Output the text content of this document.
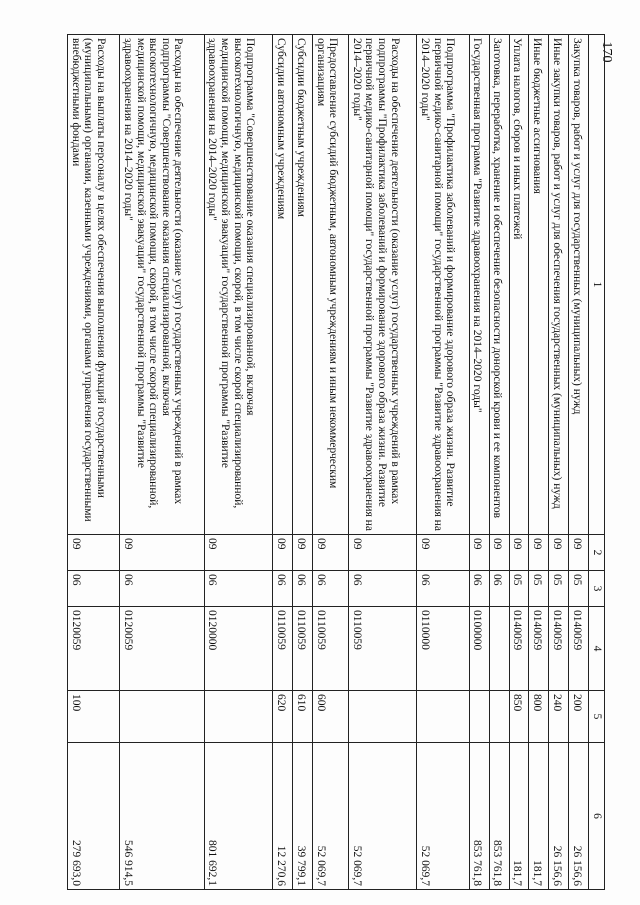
170
1	2	3	4	5	6
Закупка товаров, работ и услуг для государственных (муниципальных) нужд	09	05	0140059	200	26 156,6
Иные закупки товаров, работ и услуг для обеспечения государственных (муниципальных) нужд	09	05	0140059	240	26 156,6
Иные бюджетные ассигнования	09	05	0140059	800	181,7
Уплата налогов, сборов и иных платежей	09	05	0140059	850	181,7
Заготовка, переработка, хранение и обеспечение безопасности донорской крови и ее компонентов	09	06			853 761,8
Государственная программа "Развитие здравоохранения на 2014–2020 годы"	09	06	0100000		853 761,8
Подпрограмма "Профилактика заболеваний и формирование здорового образа жизни. Развитие первичной медико-санитарной помощи" государственной программы "Развитие здравоохранения на 2014–2020 годы"	09	06	0110000		52 069,7
Расходы на обеспечение деятельности (оказание услуг) государственных учреждений в рамках подпрограммы "Профилактика заболеваний и формирование здорового образа жизни. Развитие первичной медико-санитарной помощи" государственной программы "Развитие здравоохранения на 2014–2020 годы"	09	06	0110059		52 069,7
Предоставление субсидий бюджетным, автономным учреждениям и иным некоммерческим организациям	09	06	0110059	600	52 069,7
Субсидии бюджетным учреждениям	09	06	0110059	610	39 799,1
Субсидии автономным учреждениям	09	06	0110059	620	12 270,6
Подпрограмма "Совершенствование оказания специализированной, включая высокотехнологичную, медицинской помощи, скорой, в том числе скорой специализированной, медицинской помощи, медицинской эвакуации" государственной программы "Развитие здравоохранения на 2014–2020 годы"	09	06	0120000		801 692,1
Расходы на обеспечение деятельности (оказание услуг) государственных учреждений в рамках подпрограммы "Совершенствование оказания специализированной, включая высокотехнологичную, медицинской помощи, скорой, в том числе скорой специализированной, медицинской помощи, медицинской эвакуации" государственной программы "Развитие здравоохранения на 2014–2020 годы"	09	06	0120059		546 914,5
Расходы на выплаты персоналу в целях обеспечения выполнения функций государственными (муниципальными) органами, казенными учреждениями, органами управления государственными внебюджетными фондами	09	06	0120059	100	279 693,0
